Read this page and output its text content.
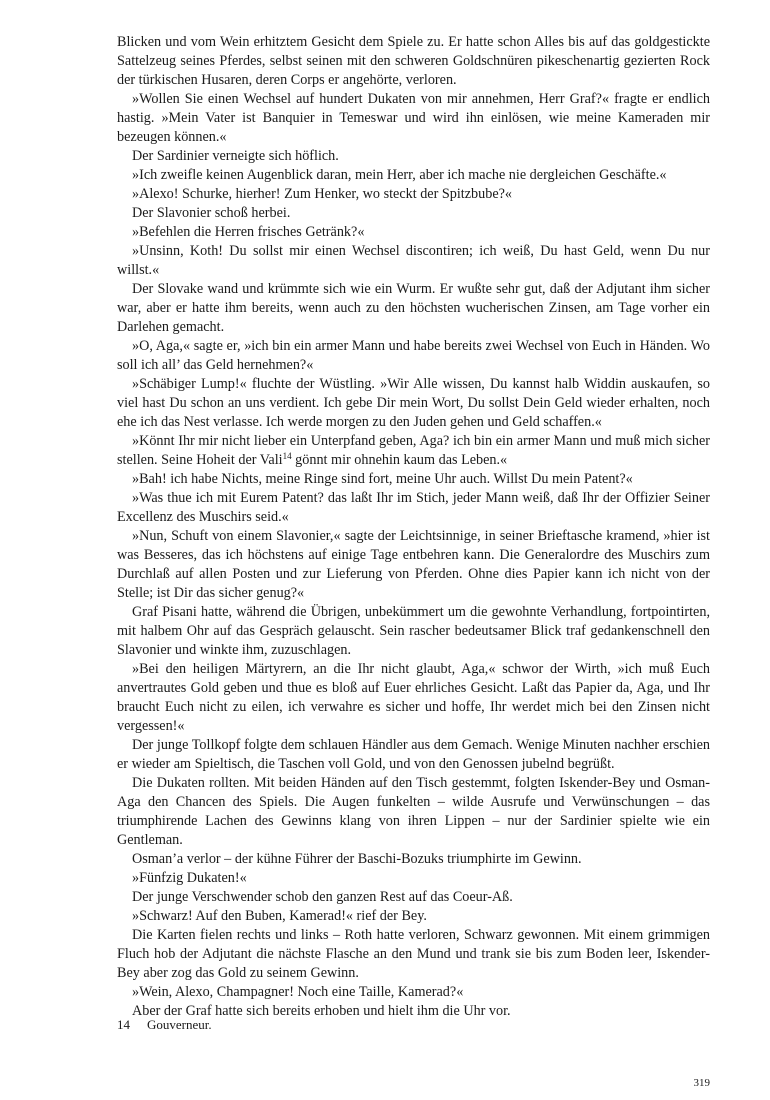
Blicken und vom Wein erhitztem Gesicht dem Spiele zu. Er hatte schon Alles bis auf das goldgestickte Sattelzeug seines Pferdes, selbst seinen mit den schweren Goldschnüren pikeschenartig gezierten Rock der türkischen Husaren, deren Corps er angehörte, verloren.

»Wollen Sie einen Wechsel auf hundert Dukaten von mir annehmen, Herr Graf?« fragte er endlich hastig. »Mein Vater ist Banquier in Temeswar und wird ihn einlösen, wie meine Kameraden mir bezeugen können.«

Der Sardinier verneigte sich höflich.

»Ich zweifle keinen Augenblick daran, mein Herr, aber ich mache nie dergleichen Geschäfte.«

»Alexo! Schurke, hierher! Zum Henker, wo steckt der Spitzbube?«

Der Slavonier schoß herbei.

»Befehlen die Herren frisches Getränk?«

»Unsinn, Koth! Du sollst mir einen Wechsel discontiren; ich weiß, Du hast Geld, wenn Du nur willst.«

Der Slovake wand und krümmte sich wie ein Wurm. Er wußte sehr gut, daß der Adjutant ihm sicher war, aber er hatte ihm bereits, wenn auch zu den höchsten wucherischen Zinsen, am Tage vorher ein Darlehen gemacht.

»O, Aga,« sagte er, »ich bin ein armer Mann und habe bereits zwei Wechsel von Euch in Händen. Wo soll ich all’ das Geld hernehmen?«

»Schäbiger Lump!« fluchte der Wüstling. »Wir Alle wissen, Du kannst halb Widdin auskaufen, so viel hast Du schon an uns verdient. Ich gebe Dir mein Wort, Du sollst Dein Geld wieder erhalten, noch ehe ich das Nest verlasse. Ich werde morgen zu den Juden gehen und Geld schaffen.«

»Könnt Ihr mir nicht lieber ein Unterpfand geben, Aga? ich bin ein armer Mann und muß mich sicher stellen. Seine Hoheit der Vali$^{14}$ gönnt mir ohnehin kaum das Leben.«

»Bah! ich habe Nichts, meine Ringe sind fort, meine Uhr auch. Willst Du mein Patent?«

»Was thue ich mit Eurem Patent? das laßt Ihr im Stich, jeder Mann weiß, daß Ihr der Offizier Seiner Excellenz des Muschirs seid.«

»Nun, Schuft von einem Slavonier,« sagte der Leichtsinnige, in seiner Brieftasche kramend, »hier ist was Besseres, das ich höchstens auf einige Tage entbehren kann. Die Generalordre des Muschirs zum Durchlaß auf allen Posten und zur Lieferung von Pferden. Ohne dies Papier kann ich nicht von der Stelle; ist Dir das sicher genug?«

Graf Pisani hatte, während die Übrigen, unbekümmert um die gewohnte Verhandlung, fortpointirten, mit halbem Ohr auf das Gespräch gelauscht. Sein rascher bedeutsamer Blick traf gedankenschnell den Slavonier und winkte ihm, zuzuschlagen.

»Bei den heiligen Märtyrern, an die Ihr nicht glaubt, Aga,« schwor der Wirth, »ich muß Euch anvertrautes Gold geben und thue es bloß auf Euer ehrliches Gesicht. Laßt das Papier da, Aga, und Ihr braucht Euch nicht zu eilen, ich verwahre es sicher und hoffe, Ihr werdet mich bei den Zinsen nicht vergessen!«

Der junge Tollkopf folgte dem schlauen Händler aus dem Gemach. Wenige Minuten nachher erschien er wieder am Spieltisch, die Taschen voll Gold, und von den Genossen jubelnd begrüßt.

Die Dukaten rollten. Mit beiden Händen auf den Tisch gestemmt, folgten Iskender-Bey und Osman-Aga den Chancen des Spiels. Die Augen funkelten – wilde Ausrufe und Verwünschungen – das triumphirende Lachen des Gewinns klang von ihren Lippen – nur der Sardinier spielte wie ein Gentleman.

Osman’a verlor – der kühne Führer der Baschi-Bozuks triumphirte im Gewinn.

»Fünfzig Dukaten!«

Der junge Verschwender schob den ganzen Rest auf das Coeur-Aß.

»Schwarz! Auf den Buben, Kamerad!« rief der Bey.

Die Karten fielen rechts und links – Roth hatte verloren, Schwarz gewonnen. Mit einem grimmigen Fluch hob der Adjutant die nächste Flasche an den Mund und trank sie bis zum Boden leer, Iskender-Bey aber zog das Gold zu seinem Gewinn.

»Wein, Alexo, Champagner! Noch eine Taille, Kamerad?«

Aber der Graf hatte sich bereits erhoben und hielt ihm die Uhr vor.

14 Gouverneur.
319
